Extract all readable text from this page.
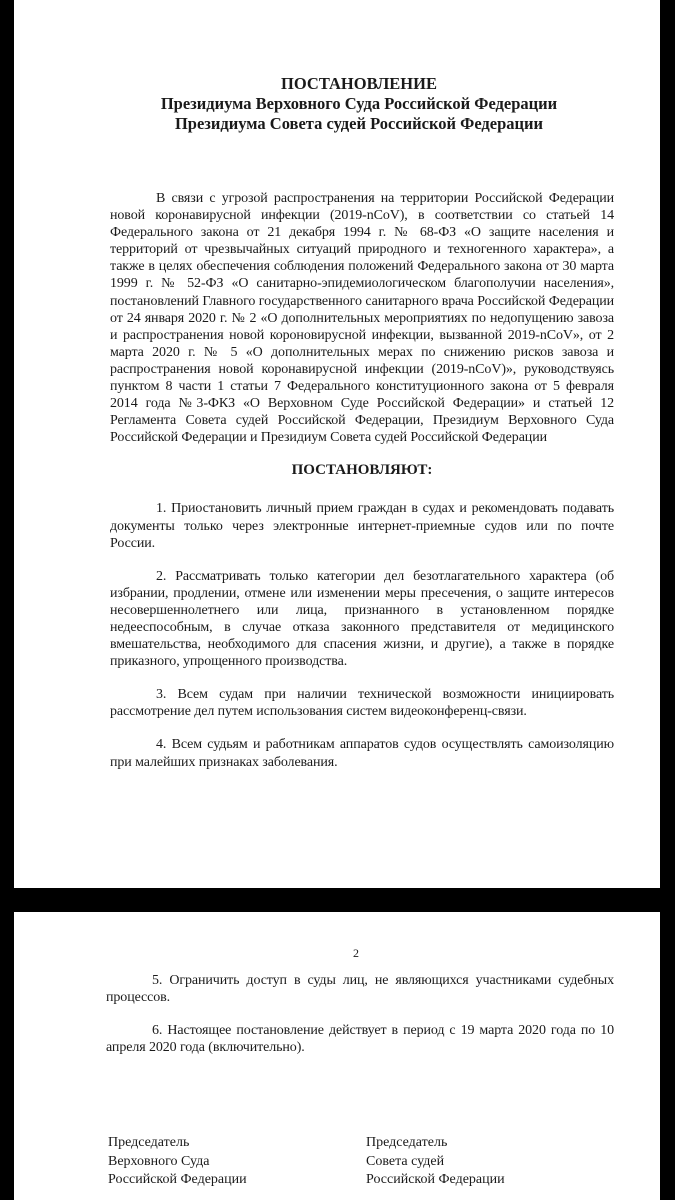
ПОСТАНОВЛЕНИЕ
Президиума Верховного Суда Российской Федерации
Президиума Совета судей Российской Федерации

В связи с угрозой распространения на территории Российской Федерации новой коронавирусной инфекции (2019-nCoV), в соответствии со статьей 14 Федерального закона от 21 декабря 1994 г. № 68-ФЗ «О защите населения и территорий от чрезвычайных ситуаций природного и техногенного характера», а также в целях обеспечения соблюдения положений Федерального закона от 30 марта 1999 г. № 52-ФЗ «О санитарно-эпидемиологическом благополучии населения», постановлений Главного государственного санитарного врача Российской Федерации от 24 января 2020 г. № 2 «О дополнительных мероприятиях по недопущению завоза и распространения новой короновирусной инфекции, вызванной 2019-nCoV», от 2 марта 2020 г. № 5 «О дополнительных мерах по снижению рисков завоза и распространения новой коронавирусной инфекции (2019-nCoV)», руководствуясь пунктом 8 части 1 статьи 7 Федерального конституционного закона от 5 февраля 2014 года №3-ФКЗ «О Верховном Суде Российской Федерации» и статьей 12 Регламента Совета судей Российской Федерации, Президиум Верховного Суда Российской Федерации и Президиум Совета судей Российской Федерации

ПОСТАНОВЛЯЮТ:

1. Приостановить личный прием граждан в судах и рекомендовать подавать документы только через электронные интернет-приемные судов или по почте России.

2. Рассматривать только категории дел безотлагательного характера (об избрании, продлении, отмене или изменении меры пресечения, о защите интересов несовершеннолетнего или лица, признанного в установленном порядке недееспособным, в случае отказа законного представителя от медицинского вмешательства, необходимого для спасения жизни, и другие), а также в порядке приказного, упрощенного производства.

3. Всем судам при наличии технической возможности инициировать рассмотрение дел путем использования систем видеоконференц-связи.

4. Всем судьям и работникам аппаратов судов осуществлять самоизоляцию при малейших признаках заболевания.

2

5. Ограничить доступ в суды лиц, не являющихся участниками судебных процессов.

6. Настоящее постановление действует в период с 19 марта 2020 года по 10 апреля 2020 года (включительно).

Председатель
Верховного Суда
Российской Федерации
Председатель
Совета судей
Российской Федерации
